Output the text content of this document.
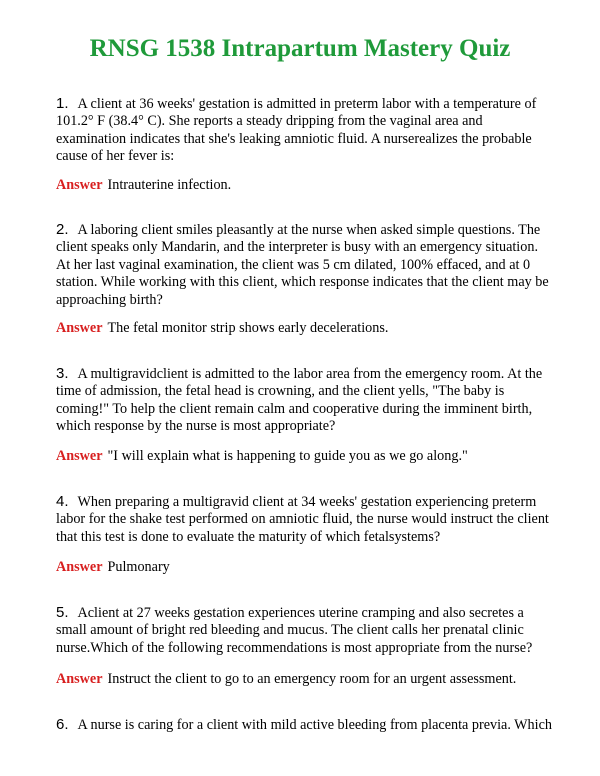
RNSG 1538 Intrapartum Mastery Quiz
1. A client at 36 weeks' gestation is admitted in preterm labor with a temperature of 101.2° F (38.4° C). She reports a steady dripping from the vaginal area and examination indicates that she's leaking amniotic fluid. A nurserealizes the probable cause of her fever is:
Answer Intrauterine infection.
2. A laboring client smiles pleasantly at the nurse when asked simple questions. The client speaks only Mandarin, and the interpreter is busy with an emergency situation. At her last vaginal examination, the client was 5 cm dilated, 100% effaced, and at 0 station. While working with this client, which response indicates that the client may be approaching birth?
Answer The fetal monitor strip shows early decelerations.
3. A multigravidclient is admitted to the labor area from the emergency room. At the time of admission, the fetal head is crowning, and the client yells, "The baby is coming!" To help the client remain calm and cooperative during the imminent birth, which response by the nurse is most appropriate?
Answer "I will explain what is happening to guide you as we go along."
4. When preparing a multigravid client at 34 weeks' gestation experiencing preterm labor for the shake test performed on amniotic fluid, the nurse would instruct the client that this test is done to evaluate the maturity of which fetalsystems?
Answer Pulmonary
5. Aclient at 27 weeks gestation experiences uterine cramping and also secretes a small amount of bright red bleeding and mucus. The client calls her prenatal clinic nurse.Which of the following recommendations is most appropriate from the nurse?
Answer Instruct the client to go to an emergency room for an urgent assessment.
6. A nurse is caring for a client with mild active bleeding from placenta previa. Which
